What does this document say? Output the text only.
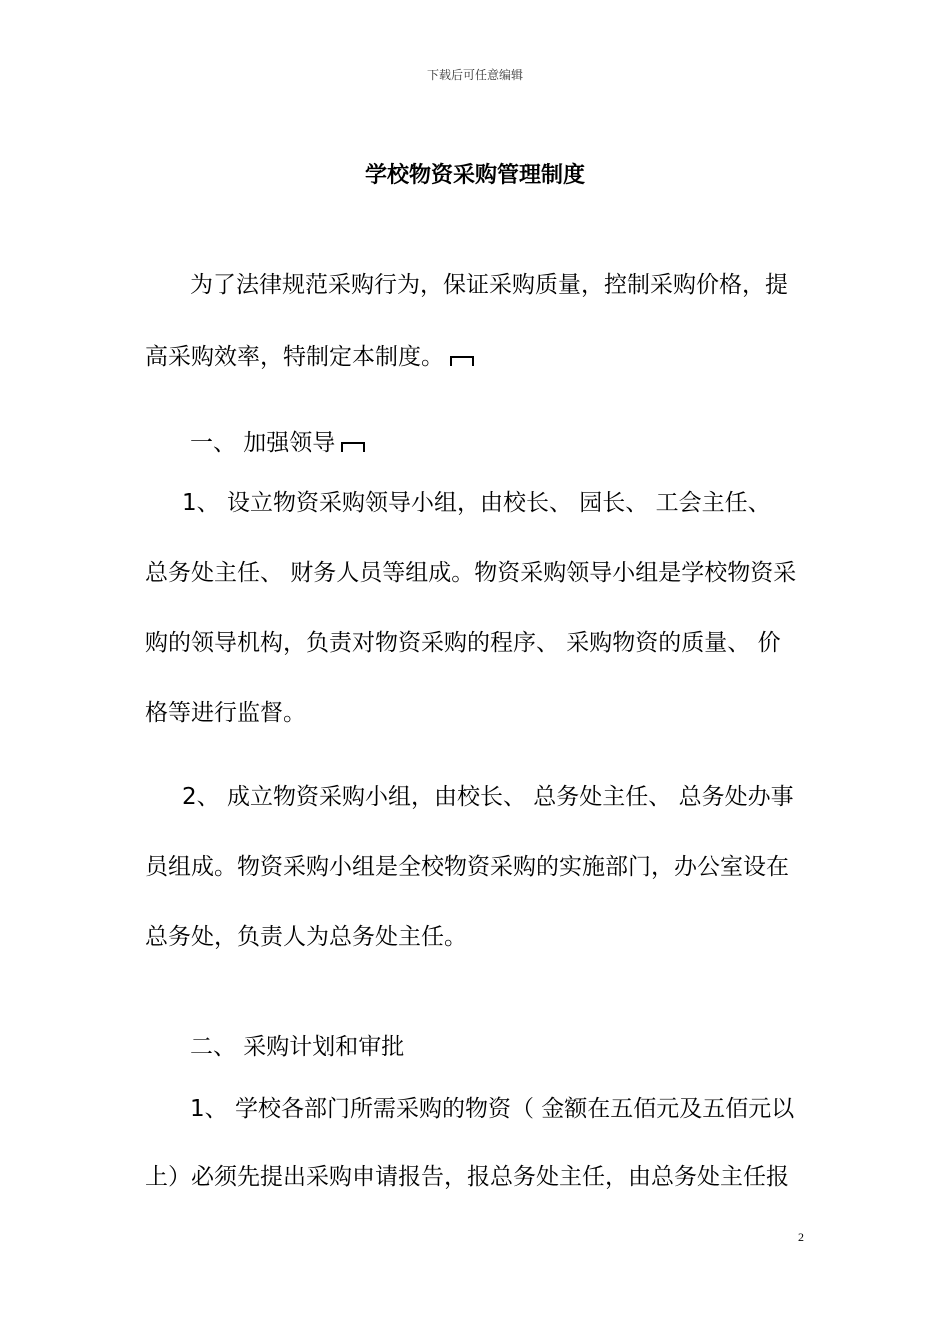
下载后可任意编辑
学校物资采购管理制度
为了法律规范采购行为，保证采购质量，控制采购价格，提
高采购效率，特制定本制度。
一、 加强领导
1、 设立物资采购领导小组，由校长、 园长、 工会主任、
总务处主任、 财务人员等组成。物资采购领导小组是学校物资采
购的领导机构，负责对物资采购的程序、 采购物资的质量、 价
格等进行监督。
2、 成立物资采购小组，由校长、 总务处主任、 总务处办事
员组成。物资采购小组是全校物资采购的实施部门，办公室设在
总务处，负责人为总务处主任。
二、 采购计划和审批
1、 学校各部门所需采购的物资（ 金额在五佰元及五佰元以
上）必须先提出采购申请报告，报总务处主任，由总务处主任报
2
